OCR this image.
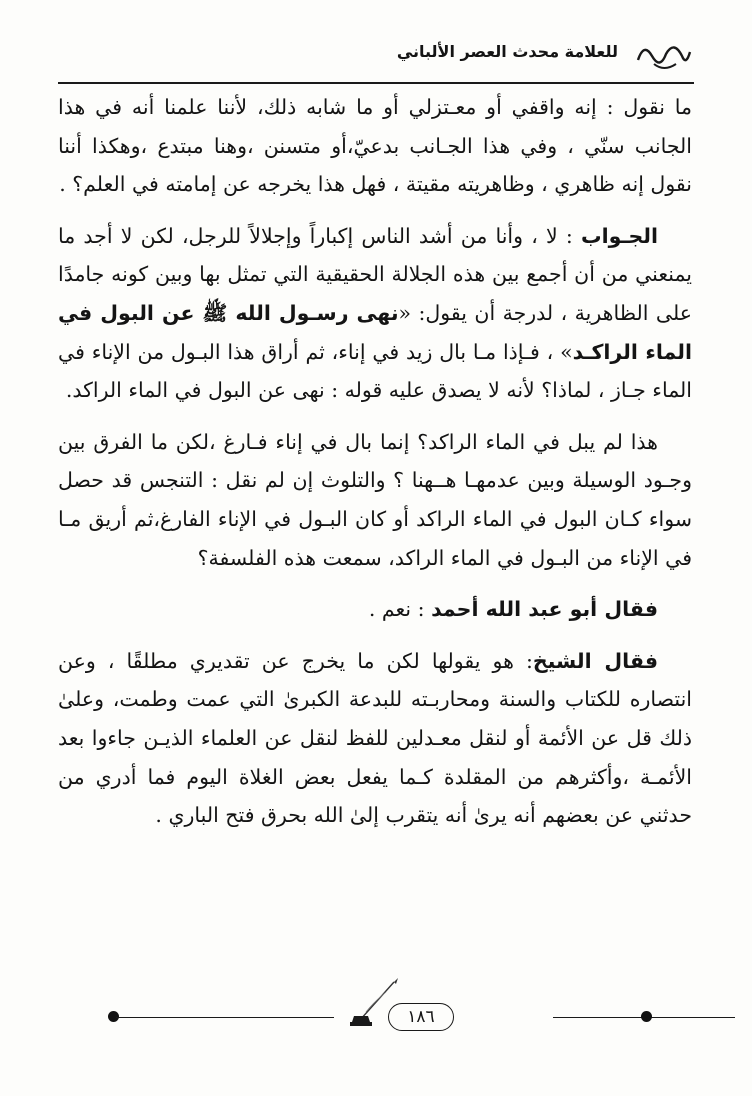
سؤالات
للعلامة محدث العصر الألباني

ما نقول : إنه واقفي أو معـتزلي أو ما شابه ذلك، لأننا علمنا أنه في هذا الجانب سنّي ، وفي هذا الجـانب بدعيّ،أو متسنن ،وهنا مبتدع ،وهكذا أننا نقول إنه ظاهري ، وظاهريته مقيتة ، فهل هذا يخرجه عن إمامته في العلم؟ .

الجـواب : لا ، وأنا من أشد الناس إكباراً وإجلالاً للرجل، لكن لا أجد ما يمنعني من أن أجمع بين هذه الجلالة الحقيقية التي تمثل بها وبين كونه جامدًا على الظاهرية ، لدرجة أن يقول: «نهى رسـول الله ﷺ عن البول في الماء الراكـد» ، فـإذا مـا بال زيد في إناء، ثم أراق هذا البـول من الإناء في الماء جـاز ، لماذا؟ لأنه لا يصدق عليه قوله : نهى عن البول في الماء الراكد.

هذا لم يبل في الماء الراكد؟ إنما بال في إناء فـارغ ،لكن ما الفرق بين وجـود الوسيلة وبين عدمهـا هــهنا ؟ والتلوث إن لم نقل : التنجس قد حصل سواء كـان البول في الماء الراكد أو كان البـول في الإناء الفارغ،ثم أريق مـا في الإناء من البـول في الماء الراكد، سمعت هذه الفلسفة؟

فقال أبو عبد الله أحمد : نعم .

فقال الشيخ: هو يقولها لكن ما يخرج عن تقديري مطلقًا ، وعن انتصاره للكتاب والسنة ومحاربـته للبدعة الكبرىٰ التي عمت وطمت، وعلىٰ ذلك قل عن الأئمة أو لنقل معـدلين للفظ لنقل عن العلماء الذيـن جاءوا بعد الأئمـة ،وأكثرهم من المقلدة كـما يفعل بعض الغلاة اليوم فما أدري من حدثني عن بعضهم أنه يرىٰ أنه يتقرب إلىٰ الله بحرق فتح الباري .

١٨٦
